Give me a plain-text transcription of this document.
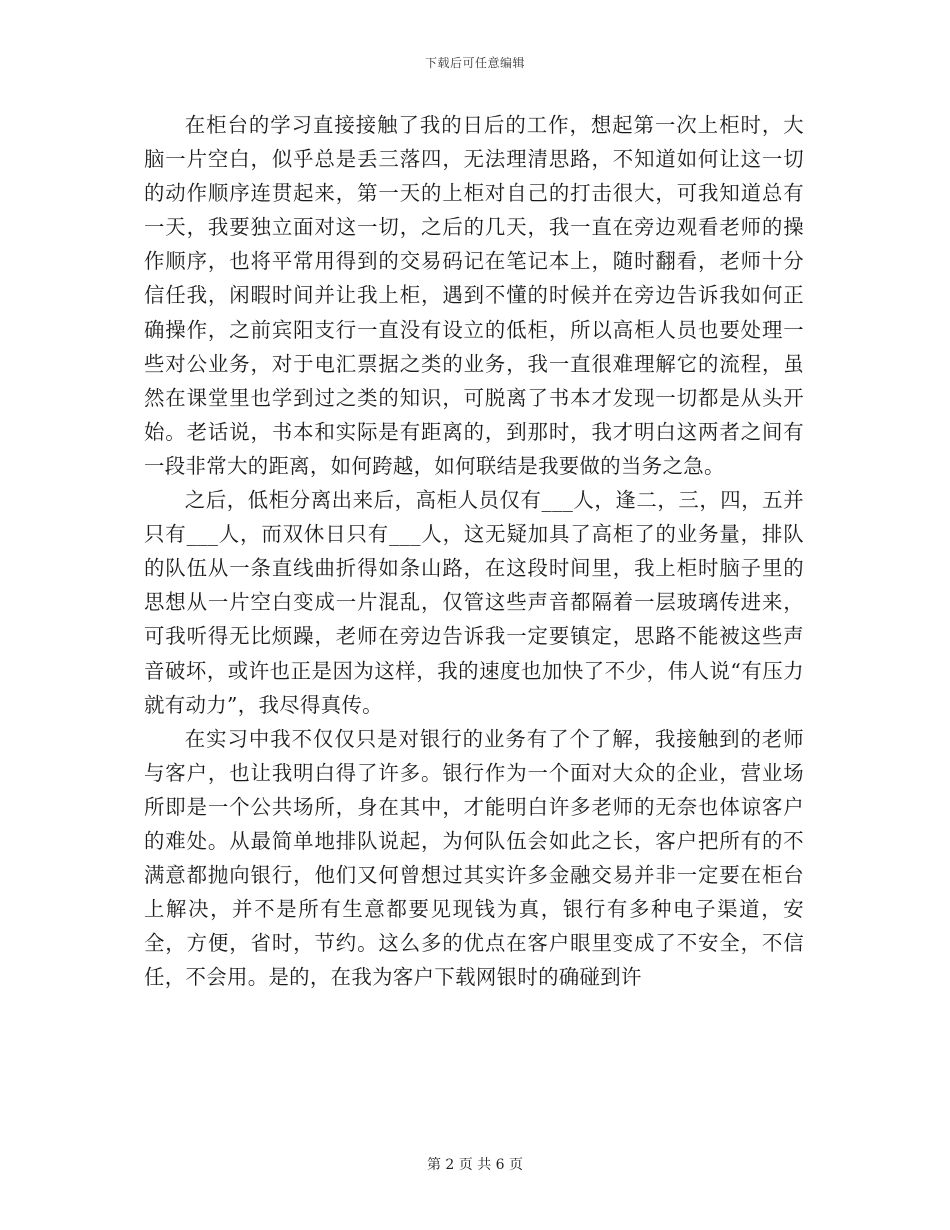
下载后可任意编辑

在柜台的学习直接接触了我的日后的工作，想起第一次上柜时，大脑一片空白，似乎总是丢三落四，无法理清思路，不知道如何让这一切的动作顺序连贯起来，第一天的上柜对自己的打击很大，可我知道总有一天，我要独立面对这一切，之后的几天，我一直在旁边观看老师的操作顺序，也将平常用得到的交易码记在笔记本上，随时翻看，老师十分信任我，闲暇时间并让我上柜，遇到不懂的时候并在旁边告诉我如何正确操作，之前宾阳支行一直没有设立的低柜，所以高柜人员也要处理一些对公业务，对于电汇票据之类的业务，我一直很难理解它的流程，虽然在课堂里也学到过之类的知识，可脱离了书本才发现一切都是从头开始。老话说，书本和实际是有距离的，到那时，我才明白这两者之间有一段非常大的距离，如何跨越，如何联结是我要做的当务之急。

之后，低柜分离出来后，高柜人员仅有___人，逢二，三，四，五并只有___人，而双休日只有___人，这无疑加具了高柜了的业务量，排队的队伍从一条直线曲折得如条山路，在这段时间里，我上柜时脑子里的思想从一片空白变成一片混乱，仅管这些声音都隔着一层玻璃传进来，可我听得无比烦躁，老师在旁边告诉我一定要镇定，思路不能被这些声音破坏，或许也正是因为这样，我的速度也加快了不少，伟人说“有压力就有动力”，我尽得真传。

在实习中我不仅仅只是对银行的业务有了个了解，我接触到的老师与客户，也让我明白得了许多。银行作为一个面对大众的企业，营业场所即是一个公共场所，身在其中，才能明白许多老师的无奈也体谅客户的难处。从最简单地排队说起，为何队伍会如此之长，客户把所有的不满意都抛向银行，他们又何曾想过其实许多金融交易并非一定要在柜台上解决，并不是所有生意都要见现钱为真，银行有多种电子渠道，安全，方便，省时，节约。这么多的优点在客户眼里变成了不安全，不信任，不会用。是的，在我为客户下载网银时的确碰到许

第 2 页 共 6 页
